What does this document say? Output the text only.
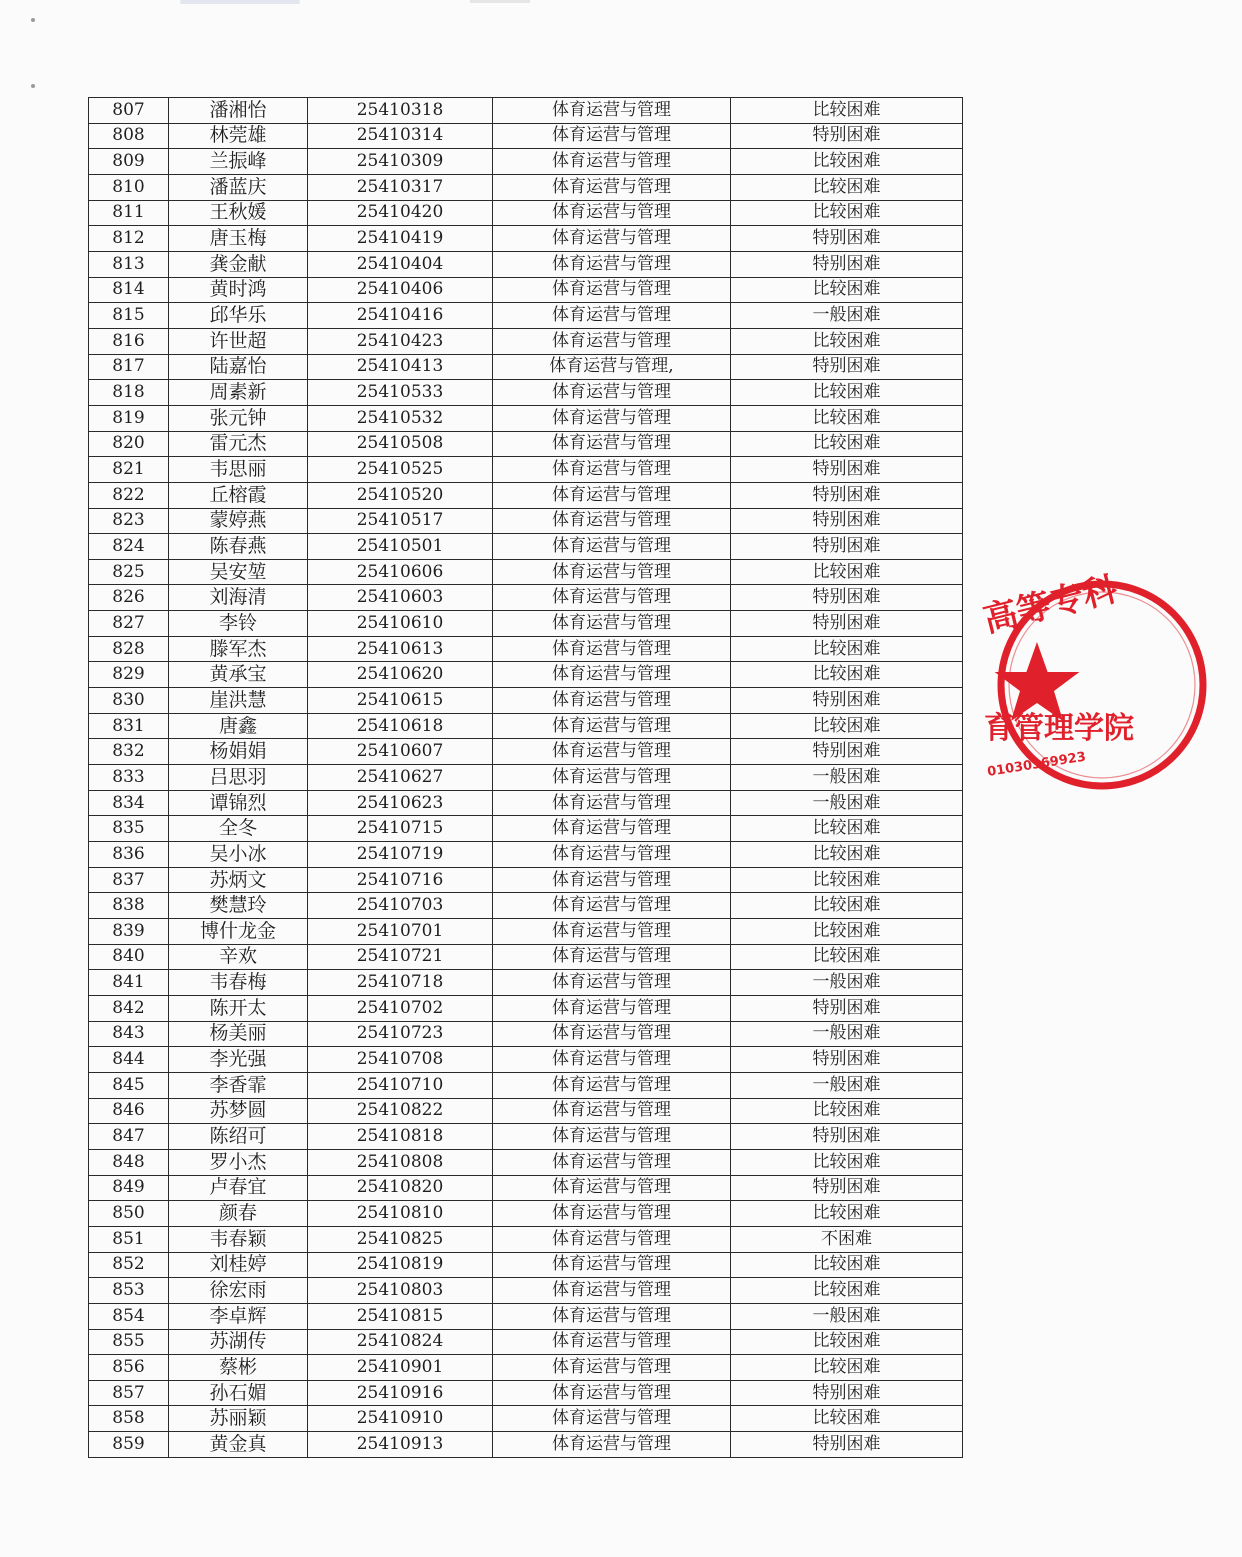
807	潘湘怡	25410318	体育运营与管理	比较困难
808	林莞雄	25410314	体育运营与管理	特别困难
809	兰振峰	25410309	体育运营与管理	比较困难
810	潘蓝庆	25410317	体育运营与管理	比较困难
811	王秋媛	25410420	体育运营与管理	比较困难
812	唐玉梅	25410419	体育运营与管理	特别困难
813	龚金献	25410404	体育运营与管理	特别困难
814	黄时鸿	25410406	体育运营与管理	比较困难
815	邱华乐	25410416	体育运营与管理	一般困难
816	许世超	25410423	体育运营与管理	比较困难
817	陆嘉怡	25410413	体育运营与管理,	特别困难
818	周素新	25410533	体育运营与管理	比较困难
819	张元钟	25410532	体育运营与管理	比较困难
820	雷元杰	25410508	体育运营与管理	比较困难
821	韦思丽	25410525	体育运营与管理	特别困难
822	丘榕霞	25410520	体育运营与管理	特别困难
823	蒙婷燕	25410517	体育运营与管理	特别困难
824	陈春燕	25410501	体育运营与管理	特别困难
825	吴安堃	25410606	体育运营与管理	比较困难
826	刘海清	25410603	体育运营与管理	特别困难
827	李铃	25410610	体育运营与管理	特别困难
828	滕军杰	25410613	体育运营与管理	比较困难
829	黄承宝	25410620	体育运营与管理	比较困难
830	崖洪慧	25410615	体育运营与管理	特别困难
831	唐鑫	25410618	体育运营与管理	比较困难
832	杨娟娟	25410607	体育运营与管理	特别困难
833	吕思羽	25410627	体育运营与管理	一般困难
834	谭锦烈	25410623	体育运营与管理	一般困难
835	全冬	25410715	体育运营与管理	比较困难
836	吴小冰	25410719	体育运营与管理	比较困难
837	苏炳文	25410716	体育运营与管理	比较困难
838	樊慧玲	25410703	体育运营与管理	比较困难
839	博什龙金	25410701	体育运营与管理	比较困难
840	辛欢	25410721	体育运营与管理	比较困难
841	韦春梅	25410718	体育运营与管理	一般困难
842	陈开太	25410702	体育运营与管理	特别困难
843	杨美丽	25410723	体育运营与管理	一般困难
844	李光强	25410708	体育运营与管理	特别困难
845	李香霏	25410710	体育运营与管理	一般困难
846	苏梦圆	25410822	体育运营与管理	比较困难
847	陈绍可	25410818	体育运营与管理	特别困难
848	罗小杰	25410808	体育运营与管理	比较困难
849	卢春宜	25410820	体育运营与管理	特别困难
850	颜春	25410810	体育运营与管理	比较困难
851	韦春颖	25410825	体育运营与管理	不困难
852	刘桂婷	25410819	体育运营与管理	比较困难
853	徐宏雨	25410803	体育运营与管理	比较困难
854	李卓辉	25410815	体育运营与管理	一般困难
855	苏湖传	25410824	体育运营与管理	比较困难
856	蔡彬	25410901	体育运营与管理	比较困难
857	孙石媚	25410916	体育运营与管理	特别困难
858	苏丽颖	25410910	体育运营与管理	比较困难
859	黄金真	25410913	体育运营与管理	特别困难
高等专科
育管理学院
01030369923
